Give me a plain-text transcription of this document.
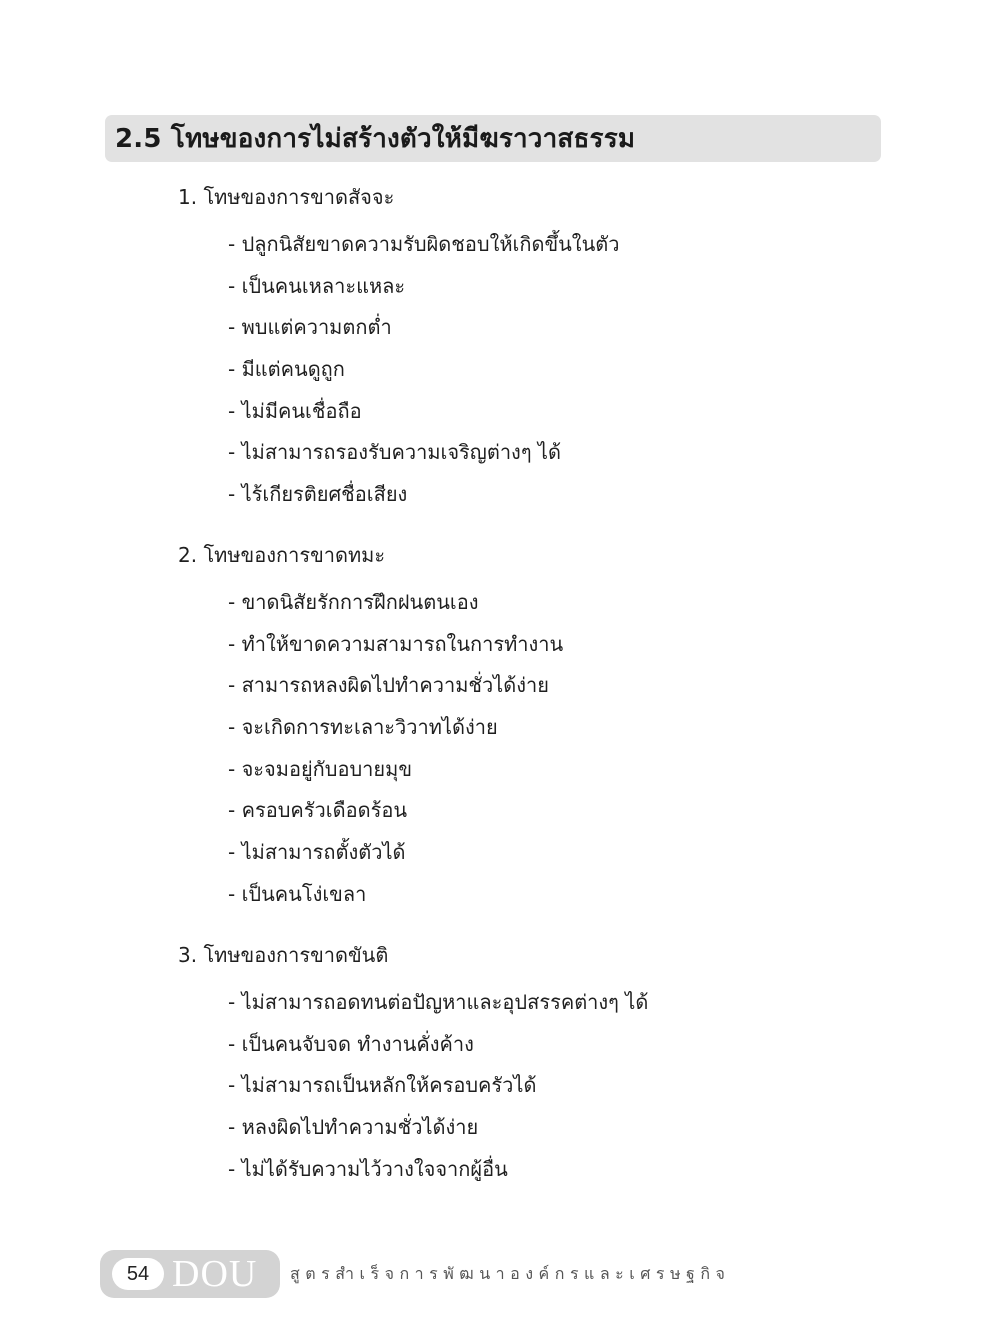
2.5 โทษของการไม่สร้างตัวให้มีฆราวาสธรรม
1. โทษของการขาดสัจจะ
- ปลูกนิสัยขาดความรับผิดชอบให้เกิดขึ้นในตัว
- เป็นคนเหลาะแหละ
- พบแต่ความตกต่ำ
- มีแต่คนดูถูก
- ไม่มีคนเชื่อถือ
- ไม่สามารถรองรับความเจริญต่างๆ ได้
- ไร้เกียรติยศชื่อเสียง
2. โทษของการขาดทมะ
- ขาดนิสัยรักการฝึกฝนตนเอง
- ทำให้ขาดความสามารถในการทำงาน
- สามารถหลงผิดไปทำความชั่วได้ง่าย
- จะเกิดการทะเลาะวิวาทได้ง่าย
- จะจมอยู่กับอบายมุข
- ครอบครัวเดือดร้อน
- ไม่สามารถตั้งตัวได้
- เป็นคนโง่เขลา
3. โทษของการขาดขันติ
- ไม่สามารถอดทนต่อปัญหาและอุปสรรคต่างๆ ได้
- เป็นคนจับจด ทำงานคั่งค้าง
- ไม่สามารถเป็นหลักให้ครอบครัวได้
- หลงผิดไปทำความชั่วได้ง่าย
- ไม่ได้รับความไว้วางใจจากผู้อื่น
54 DOU สูตรสำเร็จการพัฒนาองค์กรและเศรษฐกิจ
